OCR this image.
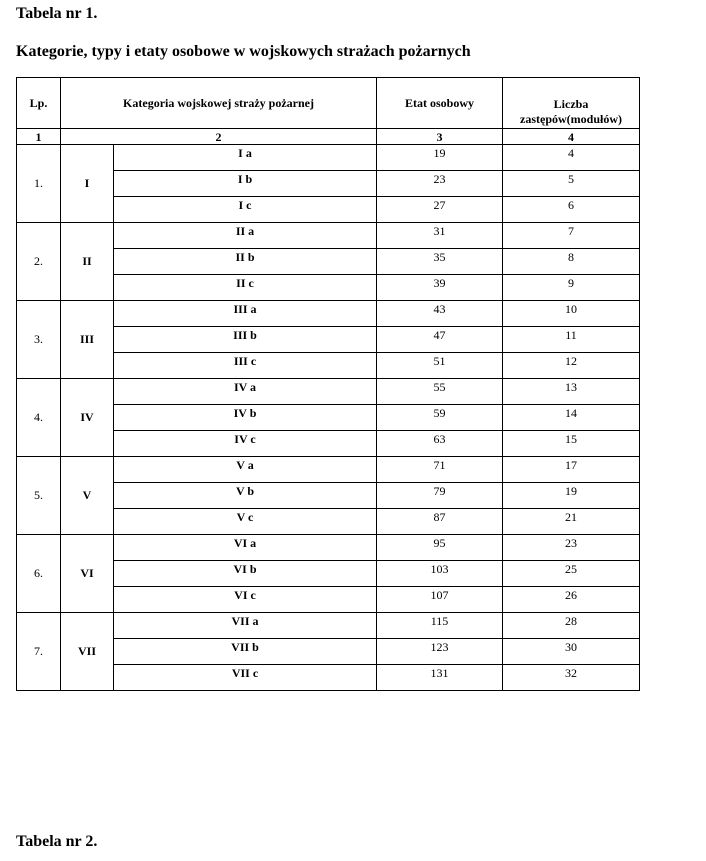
Tabela nr 1.
Kategorie, typy i etaty osobowe w wojskowych strażach pożarnych
Lp.	Kategoria wojskowej straży pożarnej		Etat osobowy	Liczba
zastępów(modułów)
1	2		3	4
1.	I	I a	19	4
		I b	23	5
		I c	27	6
2.	II	II a	31	7
		II b	35	8
		II c	39	9
3.	III	III a	43	10
		III b	47	11
		III c	51	12
4.	IV	IV a	55	13
		IV b	59	14
		IV c	63	15
5.	V	V a	71	17
		V b	79	19
		V c	87	21
6.	VI	VI a	95	23
		VI b	103	25
		VI c	107	26
7.	VII	VII a	115	28
		VII b	123	30
		VII c	131	32
Tabela nr 2.
